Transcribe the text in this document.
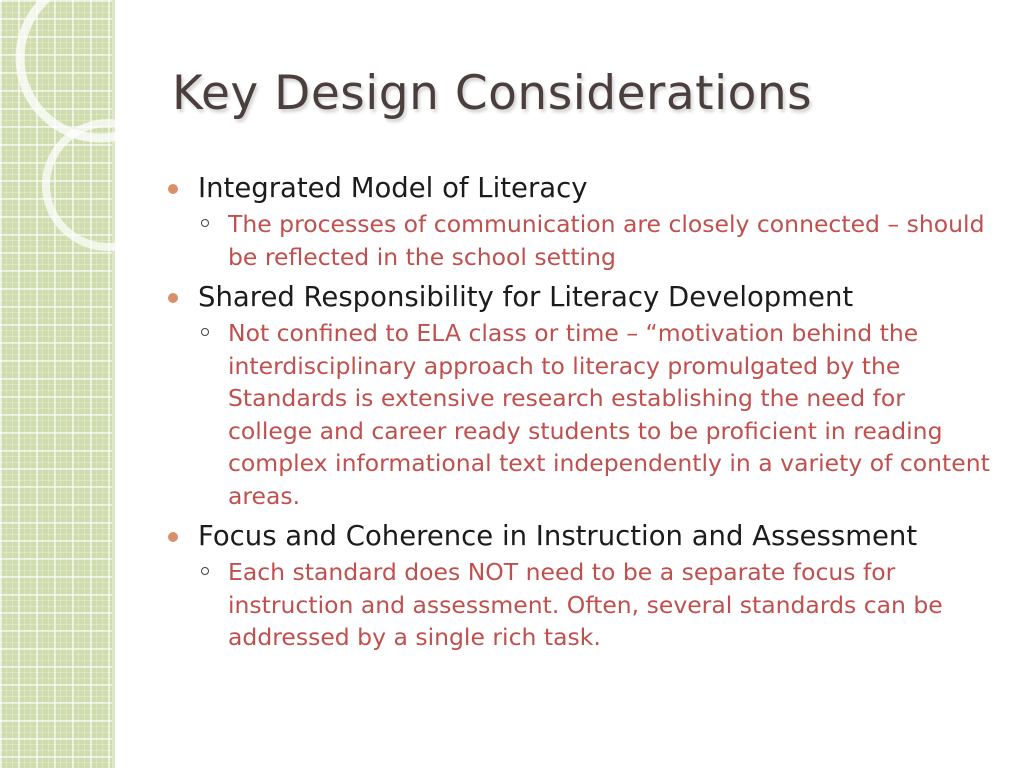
Key Design Considerations
Integrated Model of Literacy
The processes of communication are closely connected – should be reflected in the school setting
Shared Responsibility for Literacy Development
Not confined to ELA class or time – “motivation behind the interdisciplinary approach to literacy promulgated by the Standards is extensive research establishing the need for college and career ready students to be proficient in reading complex informational text independently in a variety of content areas.
Focus and Coherence in Instruction and Assessment
Each standard does NOT need to be a separate focus for instruction and assessment. Often, several standards can be addressed by a single rich task.
